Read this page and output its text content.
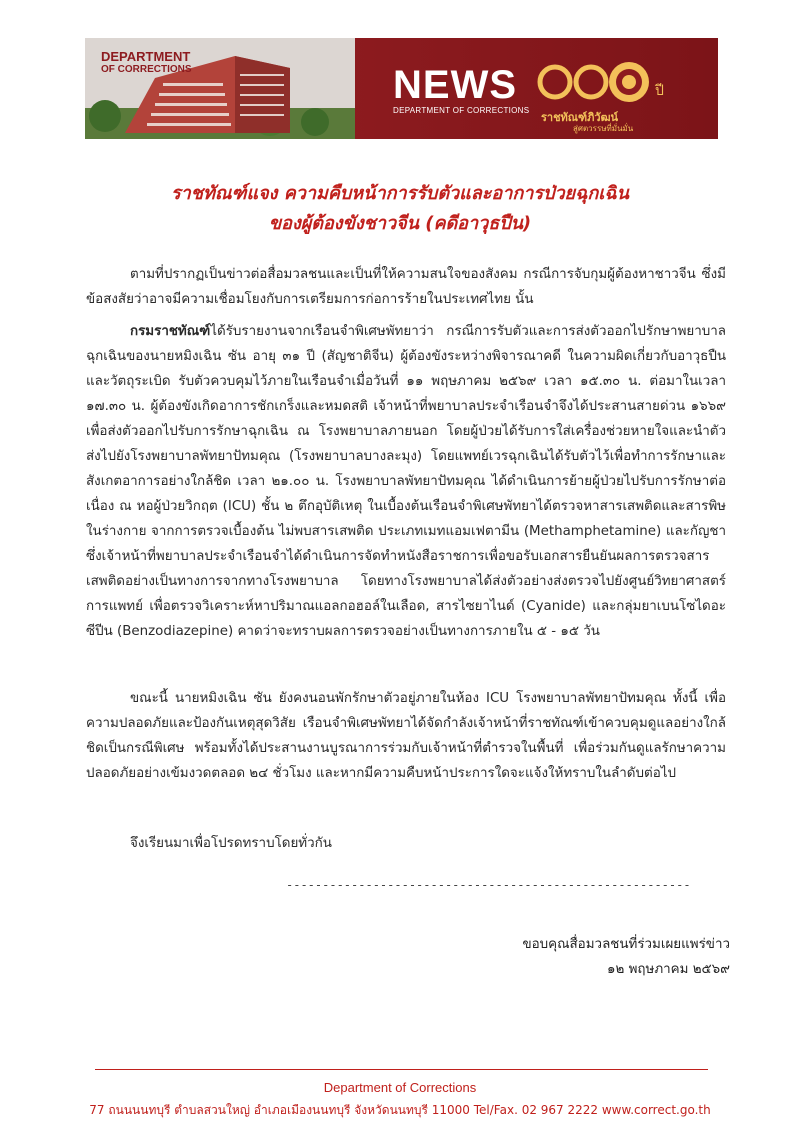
DEPARTMENT
OF CORRECTIONS	NEWS
DEPARTMENT OF CORRECTIONS
ราชทัณฑ์ภิวัฒน์
สู่ศตวรรษที่มั่นมั่น
ปี
ราชทัณฑ์แจง ความคืบหน้าการรับตัวและอาการป่วยฉุกเฉิน
ของผู้ต้องขังชาวจีน (คดีอาวุธปืน)
ตามที่ปรากฏเป็นข่าวต่อสื่อมวลชนและเป็นที่ให้ความสนใจของสังคม กรณีการจับกุมผู้ต้องหาชาวจีน ซึ่งมีข้อสงสัยว่าอาจมีความเชื่อมโยงกับการเตรียมการก่อการร้ายในประเทศไทย นั้น
กรมราชทัณฑ์ได้รับรายงานจากเรือนจำพิเศษพัทยาว่า กรณีการรับตัวและการส่งตัวออกไปรักษาพยาบาลฉุกเฉินของนายหมิงเฉิน ซัน อายุ ๓๑ ปี (สัญชาติจีน) ผู้ต้องขังระหว่างพิจารณาคดี ในความผิดเกี่ยวกับอาวุธปืนและวัตถุระเบิด รับตัวควบคุมไว้ภายในเรือนจำเมื่อวันที่ ๑๑ พฤษภาคม ๒๕๖๙ เวลา ๑๕.๓๐ น. ต่อมาในเวลา ๑๗.๓๐ น. ผู้ต้องขังเกิดอาการชักเกร็งและหมดสติ เจ้าหน้าที่พยาบาลประจำเรือนจำจึงได้ประสานสายด่วน ๑๖๖๙ เพื่อส่งตัวออกไปรับการรักษาฉุกเฉิน ณ โรงพยาบาลภายนอก โดยผู้ป่วยได้รับการใส่เครื่องช่วยหายใจและนำตัวส่งไปยังโรงพยาบาลพัทยาปัทมคุณ (โรงพยาบาลบางละมุง) โดยแพทย์เวรฉุกเฉินได้รับตัวไว้เพื่อทำการรักษาและสังเกตอาการอย่างใกล้ชิด เวลา ๒๑.๐๐ น. โรงพยาบาลพัทยาปัทมคุณ ได้ดำเนินการย้ายผู้ป่วยไปรับการรักษาต่อเนื่อง ณ หอผู้ป่วยวิกฤต (ICU) ชั้น ๒ ตึกอุบัติเหตุ ในเบื้องต้นเรือนจำพิเศษพัทยาได้ตรวจหาสารเสพติดและสารพิษในร่างกาย จากการตรวจเบื้องต้น ไม่พบสารเสพติด ประเภทเมทแอมเฟตามีน (Methamphetamine) และกัญชา ซึ่งเจ้าหน้าที่พยาบาลประจำเรือนจำได้ดำเนินการจัดทำหนังสือราชการเพื่อขอรับเอกสารยืนยันผลการตรวจสารเสพติดอย่างเป็นทางการจากทางโรงพยาบาล โดยทางโรงพยาบาลได้ส่งตัวอย่างส่งตรวจไปยังศูนย์วิทยาศาสตร์การแพทย์ เพื่อตรวจวิเคราะห์หาปริมาณแอลกอฮอล์ในเลือด, สารไซยาไนด์ (Cyanide) และกลุ่มยาเบนโซไดอะซีปีน (Benzodiazepine) คาดว่าจะทราบผลการตรวจอย่างเป็นทางการภายใน ๕ - ๑๕ วัน
ขณะนี้ นายหมิงเฉิน ซัน ยังคงนอนพักรักษาตัวอยู่ภายในห้อง ICU โรงพยาบาลพัทยาปัทมคุณ ทั้งนี้ เพื่อความปลอดภัยและป้องกันเหตุสุดวิสัย เรือนจำพิเศษพัทยาได้จัดกำลังเจ้าหน้าที่ราชทัณฑ์เข้าควบคุมดูแลอย่างใกล้ชิดเป็นกรณีพิเศษ พร้อมทั้งได้ประสานงานบูรณาการร่วมกับเจ้าหน้าที่ตำรวจในพื้นที่ เพื่อร่วมกันดูแลรักษาความปลอดภัยอย่างเข้มงวดตลอด ๒๔ ชั่วโมง และหากมีความคืบหน้าประการใดจะแจ้งให้ทราบในลำดับต่อไป
จึงเรียนมาเพื่อโปรดทราบโดยทั่วกัน
--------------------------------------------------------
ขอบคุณสื่อมวลชนที่ร่วมเผยแพร่ข่าว
๑๒ พฤษภาคม ๒๕๖๙
Department of Corrections
77 ถนนนนทบุรี ตำบลสวนใหญ่ อำเภอเมืองนนทบุรี จังหวัดนนทบุรี 11000 Tel/Fax. 02 967 2222 www.correct.go.th
